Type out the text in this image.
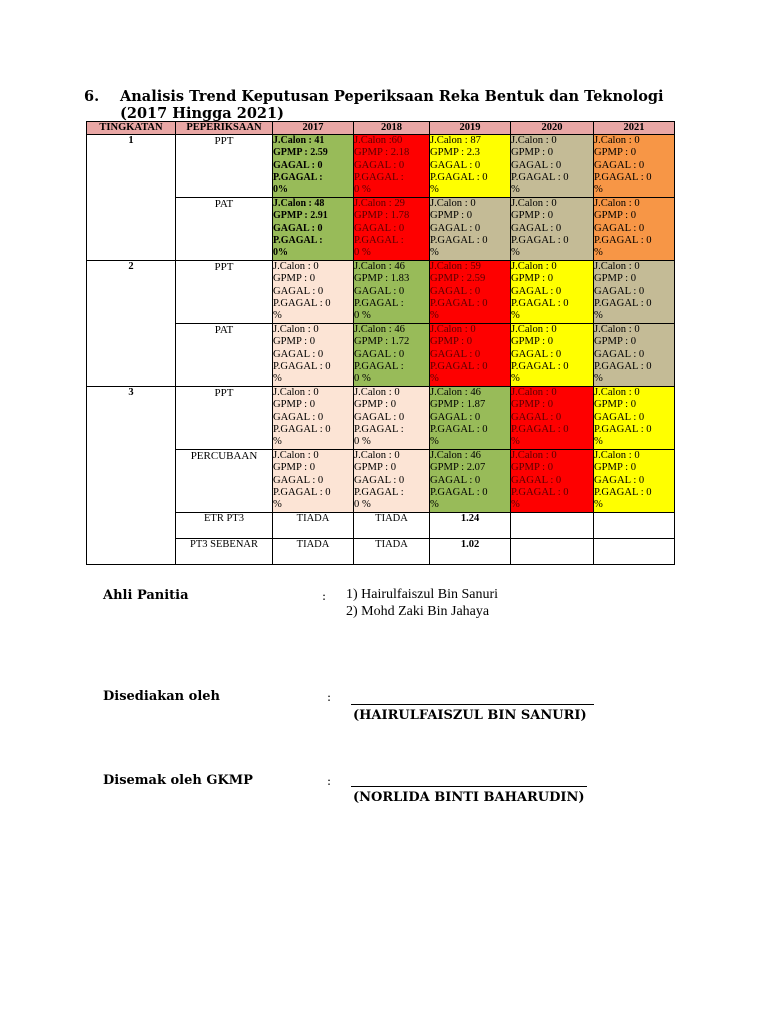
6. Analisis Trend Keputusan Peperiksaan Reka Bentuk dan Teknologi (2017 Hingga 2021)
TINGKATAN	PEPERIKSAAN	2017	2018	2019	2020	2021
1	PPT	J.Calon : 41
GPMP : 2.59
GAGAL : 0
P.GAGAL :
0%	J.Calon :60
GPMP : 2.18
GAGAL : 0
P.GAGAL :
0 %	J.Calon : 87
GPMP : 2.3
GAGAL : 0
P.GAGAL : 0
%	J.Calon : 0
GPMP : 0
GAGAL : 0
P.GAGAL : 0
%	J.Calon : 0
GPMP : 0
GAGAL : 0
P.GAGAL : 0
%

	PAT	J.Calon : 48
GPMP : 2.91
GAGAL : 0
P.GAGAL :
0%	J.Calon : 29
GPMP : 1.78
GAGAL : 0
P.GAGAL :
0 %	J.Calon : 0
GPMP : 0
GAGAL : 0
P.GAGAL : 0
%	J.Calon : 0
GPMP : 0
GAGAL : 0
P.GAGAL : 0
%	J.Calon : 0
GPMP : 0
GAGAL : 0
P.GAGAL : 0
%

2	PPT	J.Calon : 0
GPMP : 0
GAGAL : 0
P.GAGAL : 0
%	J.Calon : 46
GPMP : 1.83
GAGAL : 0
P.GAGAL :
0 %	J.Calon : 59
GPMP : 2.59
GAGAL : 0
P.GAGAL : 0
%	J.Calon : 0
GPMP : 0
GAGAL : 0
P.GAGAL : 0
%	J.Calon : 0
GPMP : 0
GAGAL : 0
P.GAGAL : 0
%

	PAT	J.Calon : 0
GPMP : 0
GAGAL : 0
P.GAGAL : 0
%	J.Calon : 46
GPMP : 1.72
GAGAL : 0
P.GAGAL :
0 %	J.Calon : 0
GPMP : 0
GAGAL : 0
P.GAGAL : 0
%	J.Calon : 0
GPMP : 0
GAGAL : 0
P.GAGAL : 0
%	J.Calon : 0
GPMP : 0
GAGAL : 0
P.GAGAL : 0
%

3	PPT	J.Calon : 0
GPMP : 0
GAGAL : 0
P.GAGAL : 0
%	J.Calon : 0
GPMP : 0
GAGAL : 0
P.GAGAL :
0 %	J.Calon : 46
GPMP : 1.87
GAGAL : 0
P.GAGAL : 0
%	J.Calon : 0
GPMP : 0
GAGAL : 0
P.GAGAL : 0
%	J.Calon : 0
GPMP : 0
GAGAL : 0
P.GAGAL : 0
%

	PERCUBAAN	J.Calon : 0
GPMP : 0
GAGAL : 0
P.GAGAL : 0
%	J.Calon : 0
GPMP : 0
GAGAL : 0
P.GAGAL :
0 %	J.Calon : 46
GPMP : 2.07
GAGAL : 0
P.GAGAL : 0
%	J.Calon : 0
GPMP : 0
GAGAL : 0
P.GAGAL : 0
%	J.Calon : 0
GPMP : 0
GAGAL : 0
P.GAGAL : 0
%

	ETR PT3	TIADA	TIADA	1.24		
	PT3 SEBENAR	TIADA	TIADA	1.02		
Ahli Panitia	: 1) Hairulfaiszul Bin Sanuri
2) Mohd Zaki Bin Jahaya
Disediakan oleh	:
(HAIRULFAISZUL BIN SANURI)
Disemak oleh GKMP	:
(NORLIDA BINTI BAHARUDIN)
